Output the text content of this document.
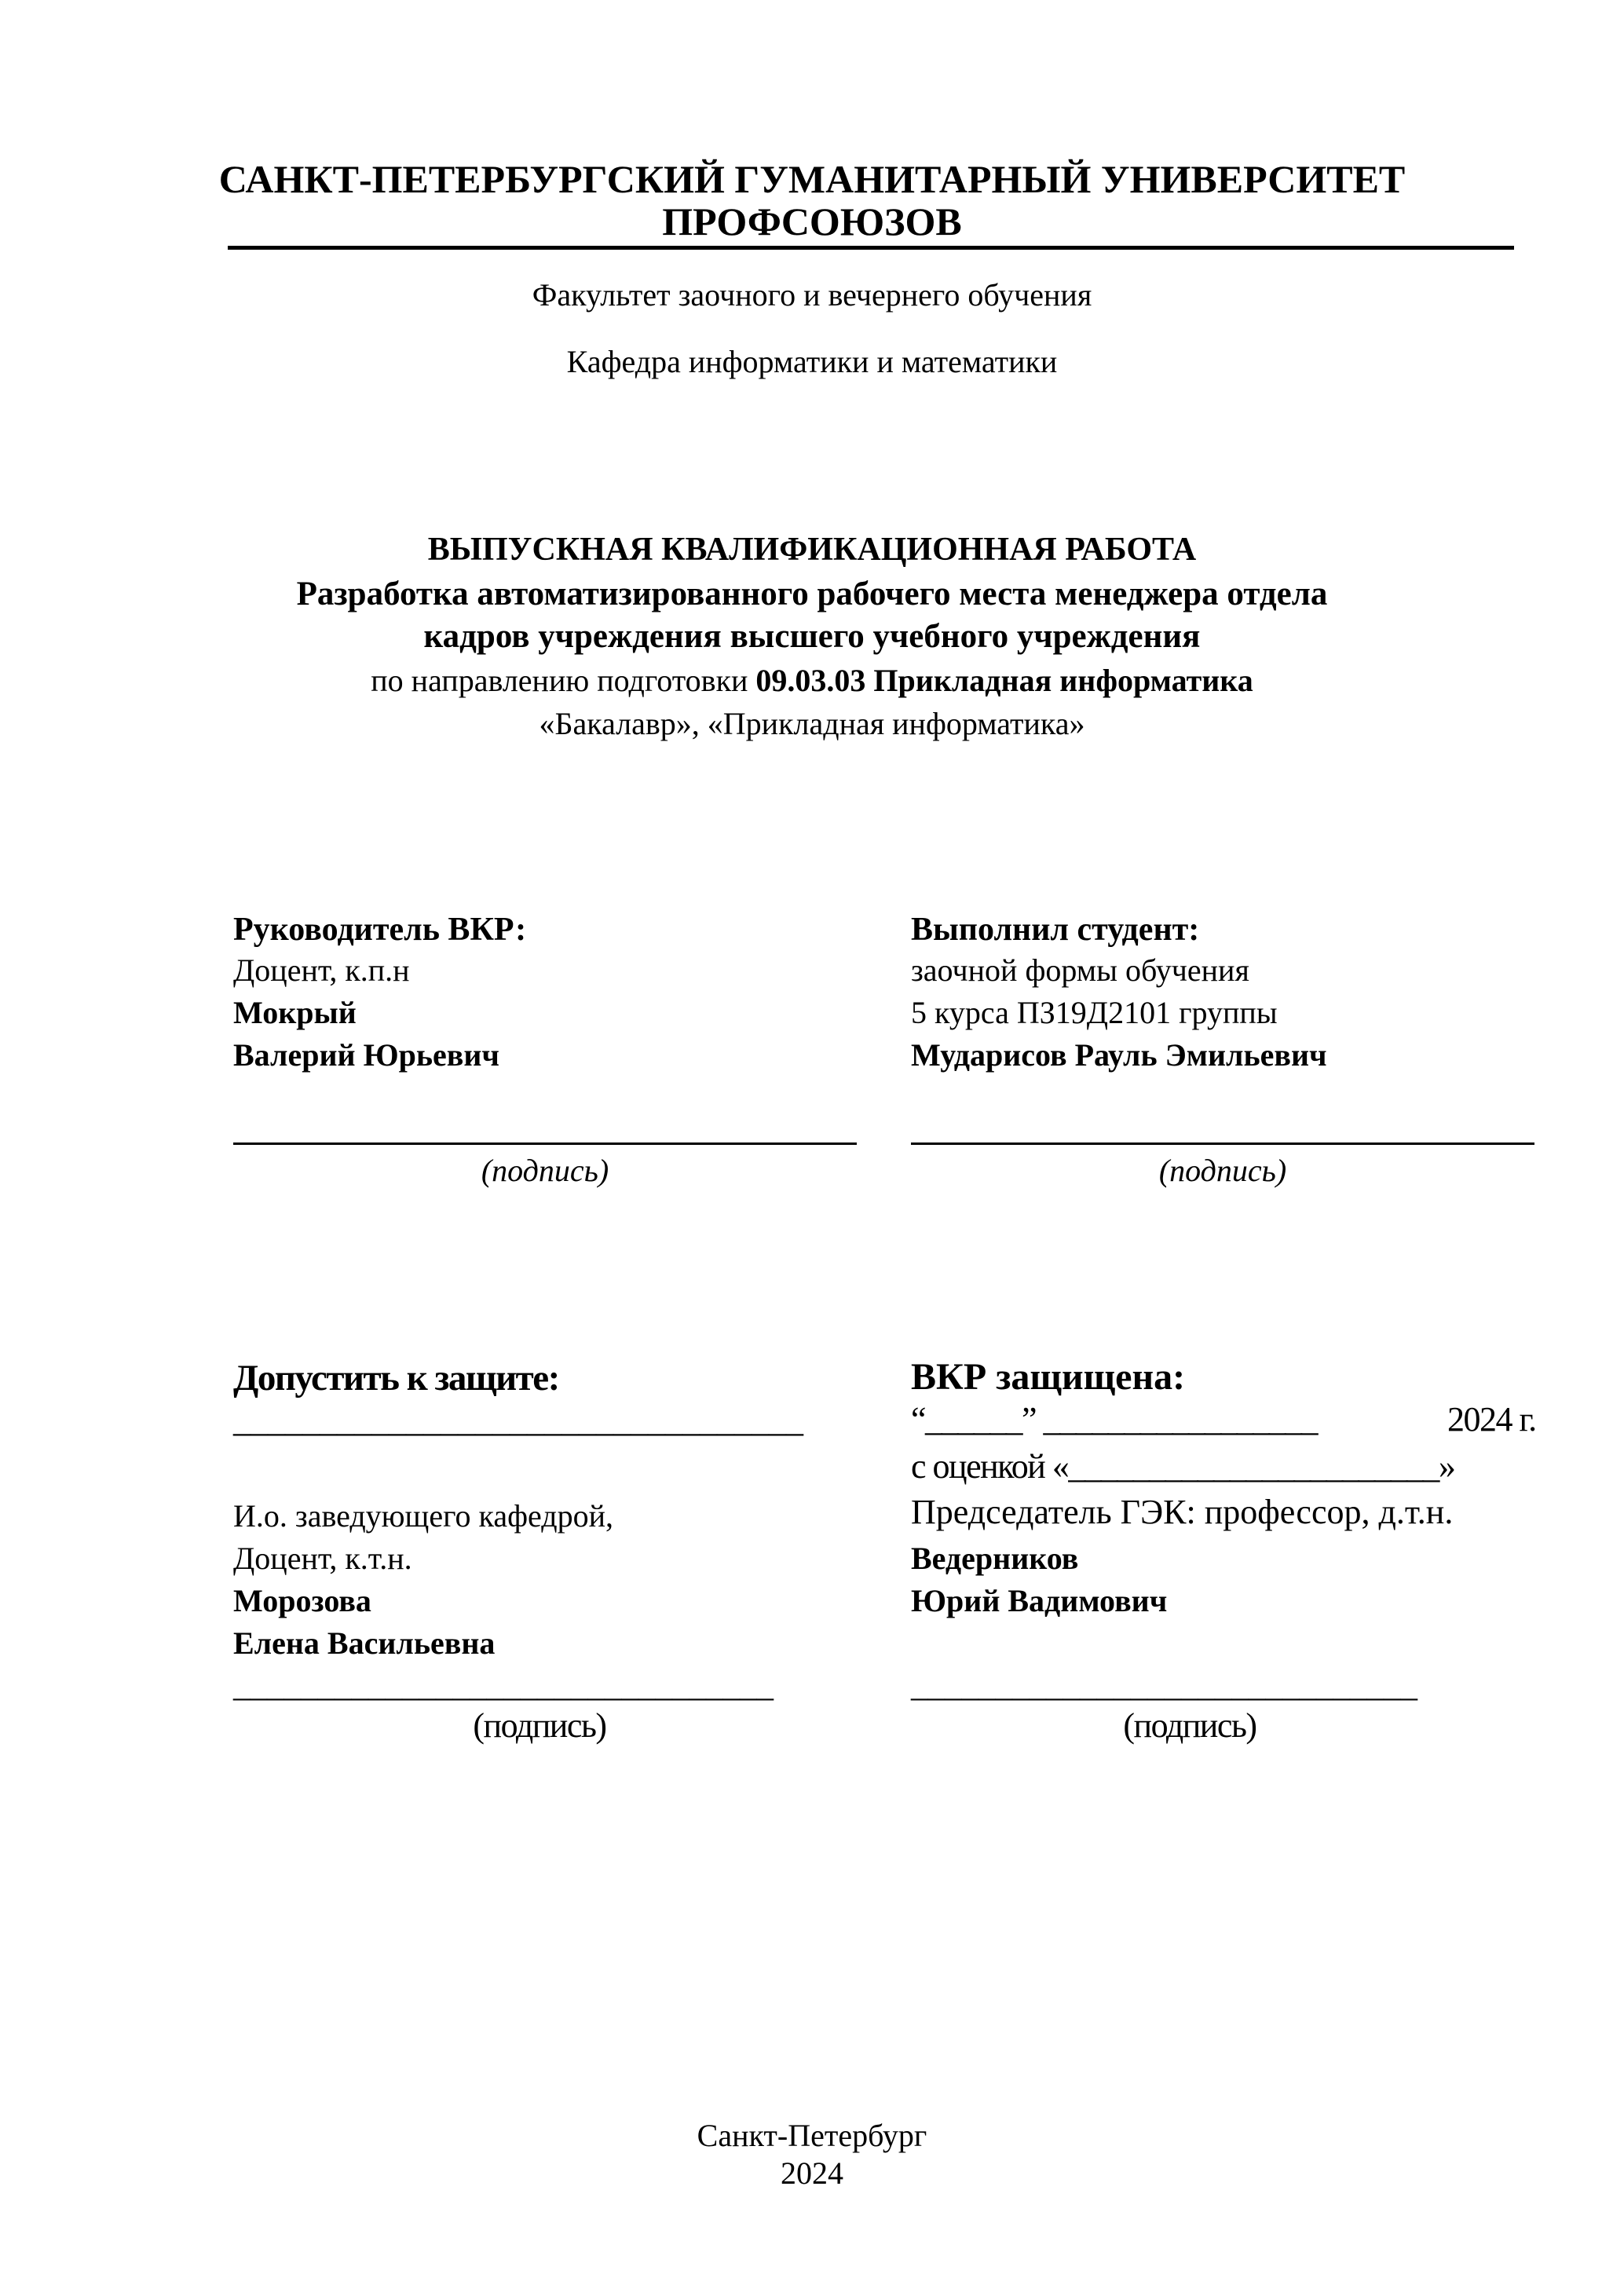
САНКТ-ПЕТЕРБУРГСКИЙ ГУМАНИТАРНЫЙ УНИВЕРСИТЕТ
ПРОФСОЮЗОВ
Факультет заочного и вечернего обучения
Кафедра информатики и математики
ВЫПУСКНАЯ КВАЛИФИКАЦИОННАЯ РАБОТА
Разработка автоматизированного рабочего места менеджера отдела
кадров учреждения высшего учебного учреждения
по направлению подготовки 09.03.03 Прикладная информатика
«Бакалавр», «Прикладная информатика»
Руководитель ВКР:
Доцент, к.п.н
Мокрый
Валерий Юрьевич
(подпись)
Выполнил студент:
заочной формы обучения
5 курса ПЗ19Д2101 группы
Мударисов Рауль Эмильевич
(подпись)
Допустить к защите:
_________________________________
И.о. заведующего кафедрой,
Доцент, к.т.н.
Морозова
Елена Васильевна
________________________________
(подпись)
ВКР защищена:
“______” _________________	2024 г.
с оценкой «_______________________»
Председатель ГЭК: профессор, д.т.н.
Ведерников
Юрий Вадимович
______________________________
(подпись)
Санкт-Петербург
2024
